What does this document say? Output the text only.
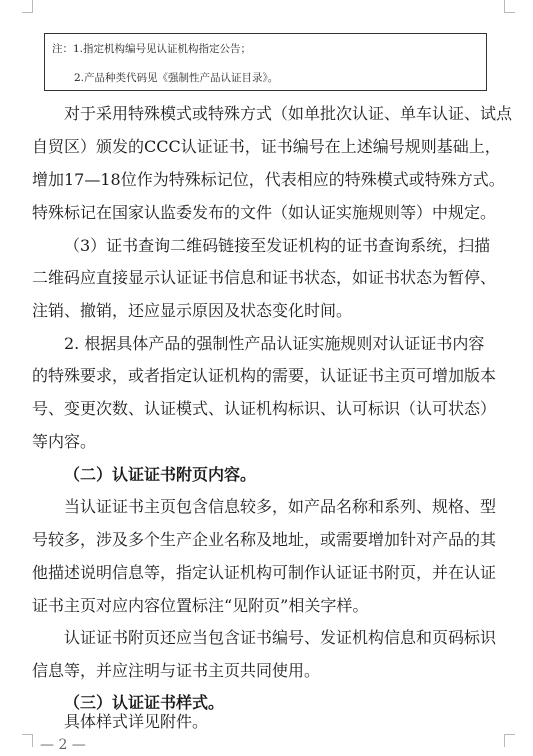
注：1.指定机构编号见认证机构指定公告；
2.产品种类代码见《强制性产品认证目录》。
对于采用特殊模式或特殊方式（如单批次认证、单车认证、试点
自贸区）颁发的CCC认证证书，证书编号在上述编号规则基础上，
增加17—18位作为特殊标记位，代表相应的特殊模式或特殊方式。
特殊标记在国家认监委发布的文件（如认证实施规则等）中规定。
（3）证书查询二维码链接至发证机构的证书查询系统，扫描
二维码应直接显示认证证书信息和证书状态，如证书状态为暂停、
注销、撤销，还应显示原因及状态变化时间。
2. 根据具体产品的强制性产品认证实施规则对认证证书内容
的特殊要求，或者指定认证机构的需要，认证证书主页可增加版本
号、变更次数、认证模式、认证机构标识、认可标识（认可状态）
等内容。
（二）认证证书附页内容。
当认证证书主页包含信息较多，如产品名称和系列、规格、型
号较多，涉及多个生产企业名称及地址，或需要增加针对产品的其
他描述说明信息等，指定认证机构可制作认证证书附页，并在认证
证书主页对应内容位置标注“见附页”相关字样。
认证证书附页还应当包含证书编号、发证机构信息和页码标识
信息等，并应注明与证书主页共同使用。
（三）认证证书样式。
具体样式详见附件。
— 2 —
